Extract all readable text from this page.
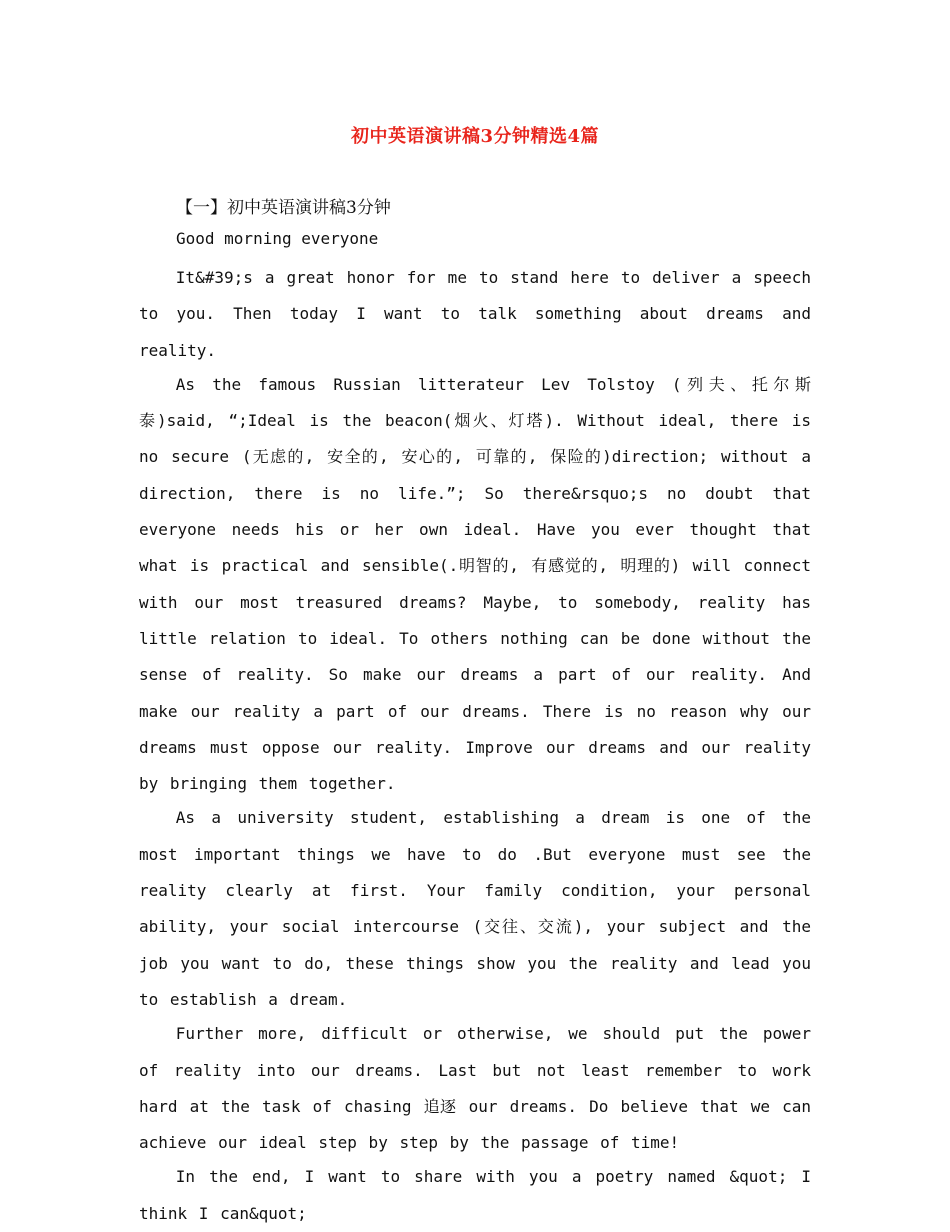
初中英语演讲稿3分钟精选4篇
【一】初中英语演讲稿3分钟
Good morning everyone

It&#39;s a great honor for me to stand here to deliver a speech to you. Then today I want to talk something about dreams and reality.

As the famous Russian litterateur Lev Tolstoy (列夫、托尔斯泰)said, “;Ideal is the beacon(烟火、灯塔). Without ideal, there is no secure (无虑的, 安全的, 安心的, 可靠的, 保险的)direction; without a direction, there is no life.”; So there&rsquo;s no doubt that everyone needs his or her own ideal. Have you ever thought that what is practical and sensible(.明智的, 有感觉的, 明理的) will connect with our most treasured dreams? Maybe, to somebody, reality has little relation to ideal. To others nothing can be done without the sense of reality. So make our dreams a part of our reality. And make our reality a part of our dreams. There is no reason why our dreams must oppose our reality. Improve our dreams and our reality by bringing them together.

As a university student, establishing a dream is one of the most important things we have to do .But everyone must see the reality clearly at first. Your family condition, your personal ability, your social intercourse (交往、交流), your subject and the job you want to do, these things show you the reality and lead you to establish a dream.

Further more, difficult or otherwise, we should put the power of reality into our dreams. Last but not least remember to work hard at the task of chasing 追逐 our dreams. Do believe that we can achieve our ideal step by step by the passage of time!

In the end, I want to share with you a poetry named &quot; I think I can&quot;
